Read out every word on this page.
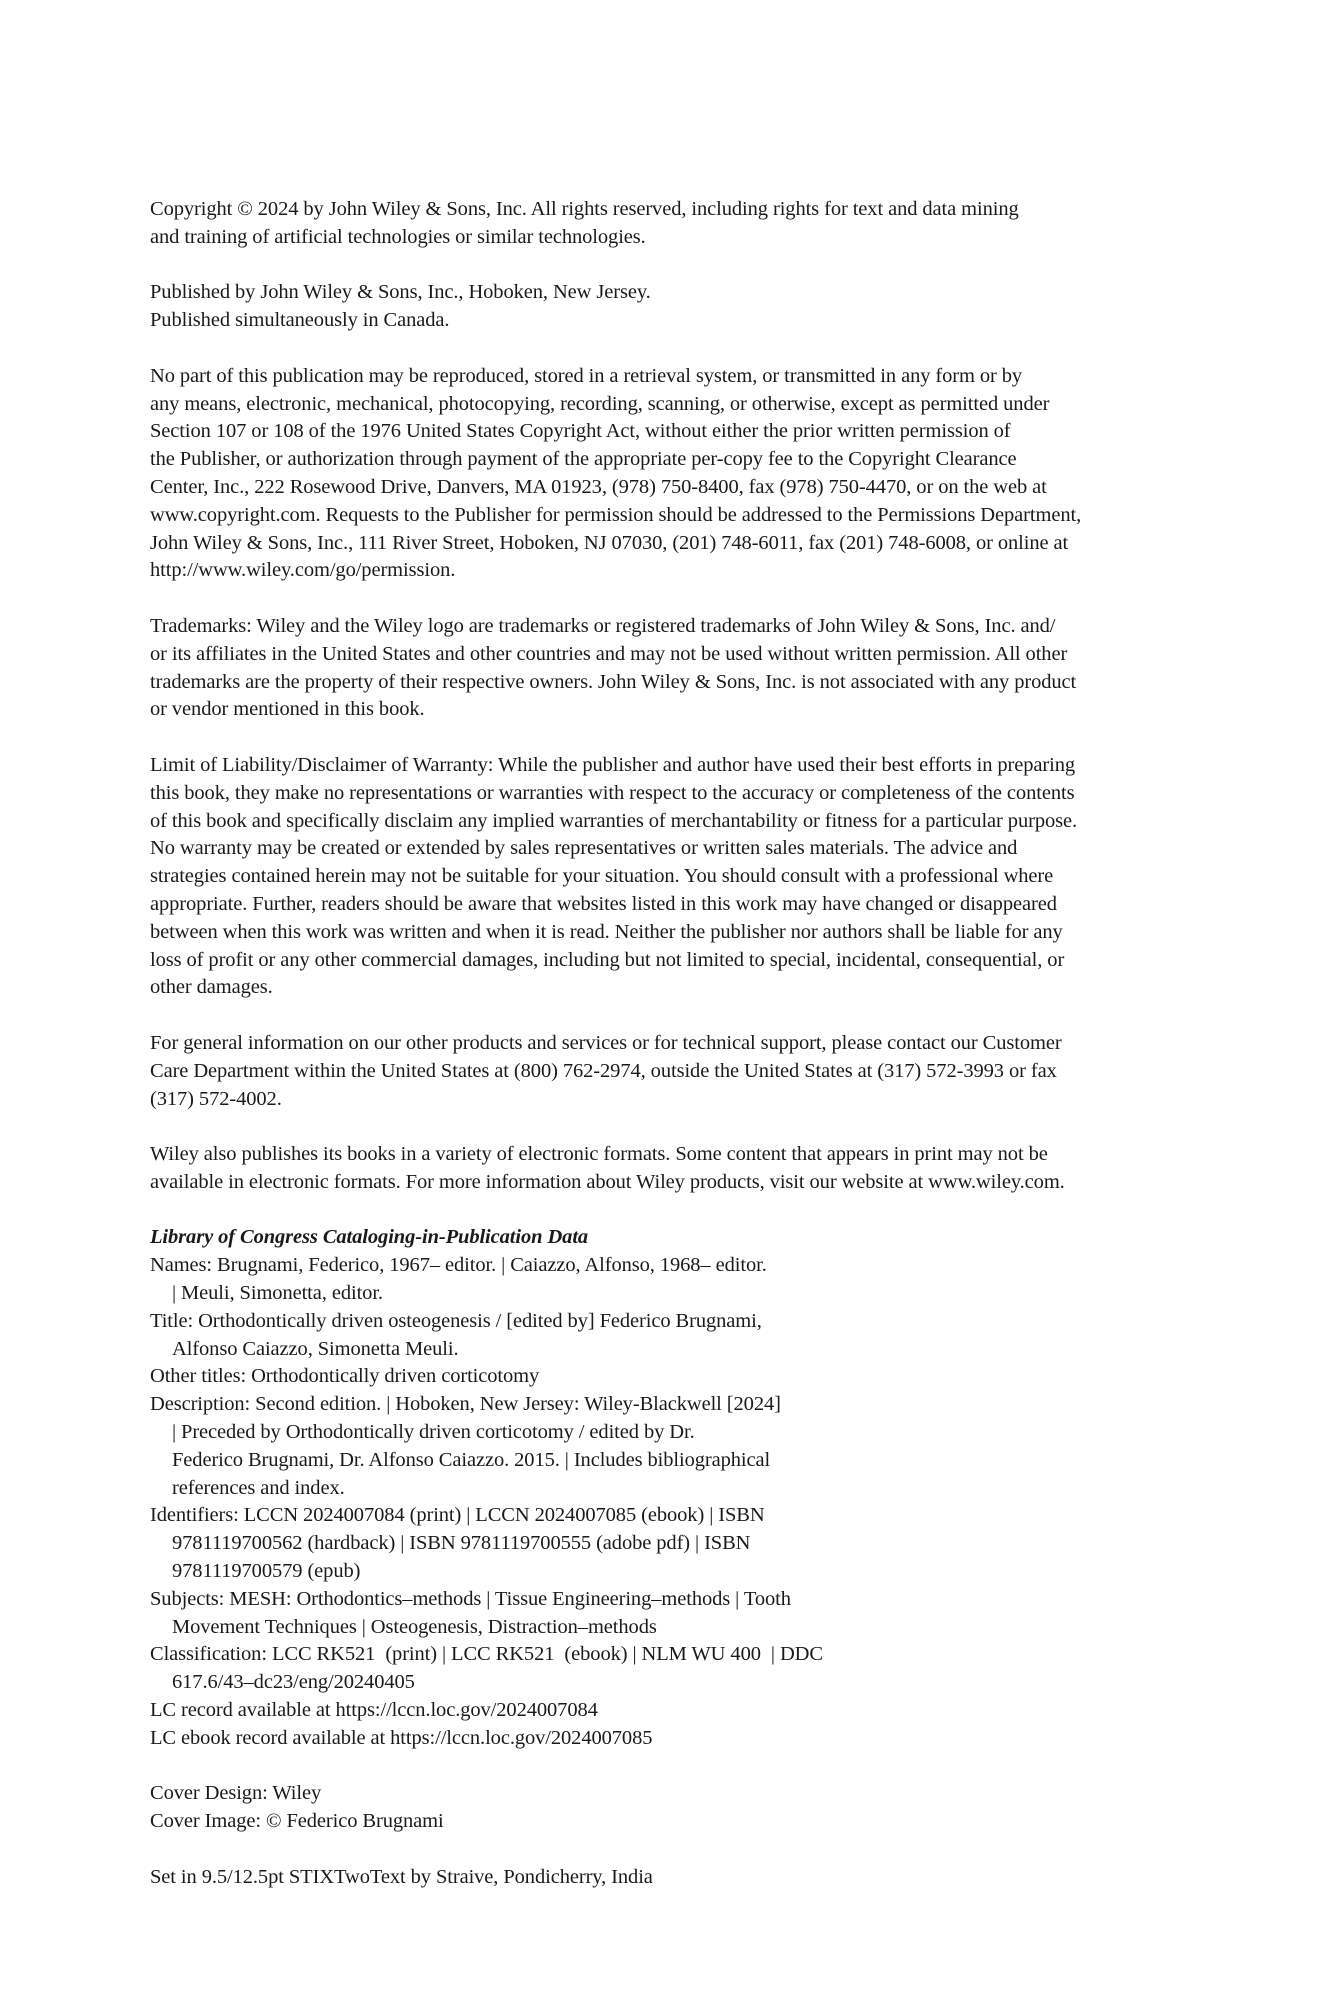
Copyright © 2024 by John Wiley & Sons, Inc. All rights reserved, including rights for text and data mining
and training of artificial technologies or similar technologies.

Published by John Wiley & Sons, Inc., Hoboken, New Jersey.
Published simultaneously in Canada.

No part of this publication may be reproduced, stored in a retrieval system, or transmitted in any form or by
any means, electronic, mechanical, photocopying, recording, scanning, or otherwise, except as permitted under
Section 107 or 108 of the 1976 United States Copyright Act, without either the prior written permission of
the Publisher, or authorization through payment of the appropriate per-copy fee to the Copyright Clearance
Center, Inc., 222 Rosewood Drive, Danvers, MA 01923, (978) 750-8400, fax (978) 750-4470, or on the web at
www.copyright.com. Requests to the Publisher for permission should be addressed to the Permissions Department,
John Wiley & Sons, Inc., 111 River Street, Hoboken, NJ 07030, (201) 748-6011, fax (201) 748-6008, or online at
http://www.wiley.com/go/permission.

Trademarks: Wiley and the Wiley logo are trademarks or registered trademarks of John Wiley & Sons, Inc. and/
or its affiliates in the United States and other countries and may not be used without written permission. All other
trademarks are the property of their respective owners. John Wiley & Sons, Inc. is not associated with any product
or vendor mentioned in this book.

Limit of Liability/Disclaimer of Warranty: While the publisher and author have used their best efforts in preparing
this book, they make no representations or warranties with respect to the accuracy or completeness of the contents
of this book and specifically disclaim any implied warranties of merchantability or fitness for a particular purpose.
No warranty may be created or extended by sales representatives or written sales materials. The advice and
strategies contained herein may not be suitable for your situation. You should consult with a professional where
appropriate. Further, readers should be aware that websites listed in this work may have changed or disappeared
between when this work was written and when it is read. Neither the publisher nor authors shall be liable for any
loss of profit or any other commercial damages, including but not limited to special, incidental, consequential, or
other damages.

For general information on our other products and services or for technical support, please contact our Customer
Care Department within the United States at (800) 762-2974, outside the United States at (317) 572-3993 or fax
(317) 572-4002.

Wiley also publishes its books in a variety of electronic formats. Some content that appears in print may not be
available in electronic formats. For more information about Wiley products, visit our website at www.wiley.com.

Library of Congress Cataloging-in-Publication Data
Names: Brugnami, Federico, 1967– editor. | Caiazzo, Alfonso, 1968– editor.
| Meuli, Simonetta, editor.
Title: Orthodontically driven osteogenesis / [edited by] Federico Brugnami,
Alfonso Caiazzo, Simonetta Meuli.
Other titles: Orthodontically driven corticotomy
Description: Second edition. | Hoboken, New Jersey: Wiley-Blackwell [2024]
| Preceded by Orthodontically driven corticotomy / edited by Dr.
Federico Brugnami, Dr. Alfonso Caiazzo. 2015. | Includes bibliographical
references and index.
Identifiers: LCCN 2024007084 (print) | LCCN 2024007085 (ebook) | ISBN
9781119700562 (hardback) | ISBN 9781119700555 (adobe pdf) | ISBN
9781119700579 (epub)
Subjects: MESH: Orthodontics–methods | Tissue Engineering–methods | Tooth
Movement Techniques | Osteogenesis, Distraction–methods
Classification: LCC RK521  (print) | LCC RK521  (ebook) | NLM WU 400  | DDC
617.6/43–dc23/eng/20240405
LC record available at https://lccn.loc.gov/2024007084
LC ebook record available at https://lccn.loc.gov/2024007085

Cover Design: Wiley
Cover Image: © Federico Brugnami

Set in 9.5/12.5pt STIXTwoText by Straive, Pondicherry, India
